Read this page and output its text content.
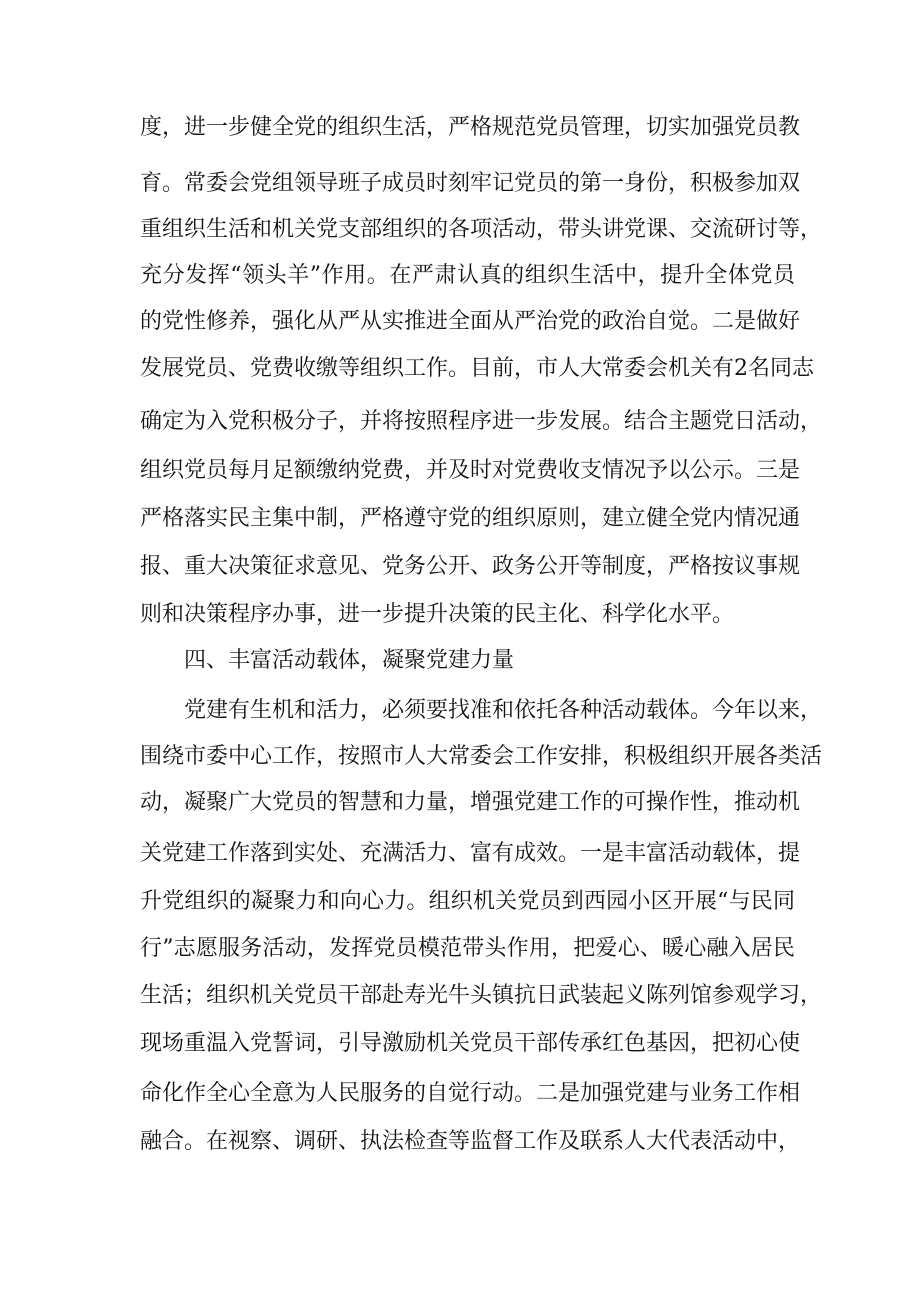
度，进一步健全党的组织生活，严格规范党员管理，切实加强党员教
育。常委会党组领导班子成员时刻牢记党员的第一身份，积极参加双
重组织生活和机关党支部组织的各项活动，带头讲党课、交流研讨等，
充分发挥“领头羊”作用。在严肃认真的组织生活中，提升全体党员
的党性修养，强化从严从实推进全面从严治党的政治自觉。二是做好
发展党员、党费收缴等组织工作。目前，市人大常委会机关有2名同志
确定为入党积极分子，并将按照程序进一步发展。结合主题党日活动，
组织党员每月足额缴纳党费，并及时对党费收支情况予以公示。三是
严格落实民主集中制，严格遵守党的组织原则，建立健全党内情况通
报、重大决策征求意见、党务公开、政务公开等制度，严格按议事规
则和决策程序办事，进一步提升决策的民主化、科学化水平。
四、丰富活动载体，凝聚党建力量
党建有生机和活力，必须要找准和依托各种活动载体。今年以来，
围绕市委中心工作，按照市人大常委会工作安排，积极组织开展各类活
动，凝聚广大党员的智慧和力量，增强党建工作的可操作性，推动机
关党建工作落到实处、充满活力、富有成效。一是丰富活动载体，提
升党组织的凝聚力和向心力。组织机关党员到西园小区开展“与民同
行”志愿服务活动，发挥党员模范带头作用，把爱心、暖心融入居民
生活；组织机关党员干部赴寿光牛头镇抗日武装起义陈列馆参观学习，
现场重温入党誓词，引导激励机关党员干部传承红色基因，把初心使
命化作全心全意为人民服务的自觉行动。二是加强党建与业务工作相
融合。在视察、调研、执法检查等监督工作及联系人大代表活动中，
